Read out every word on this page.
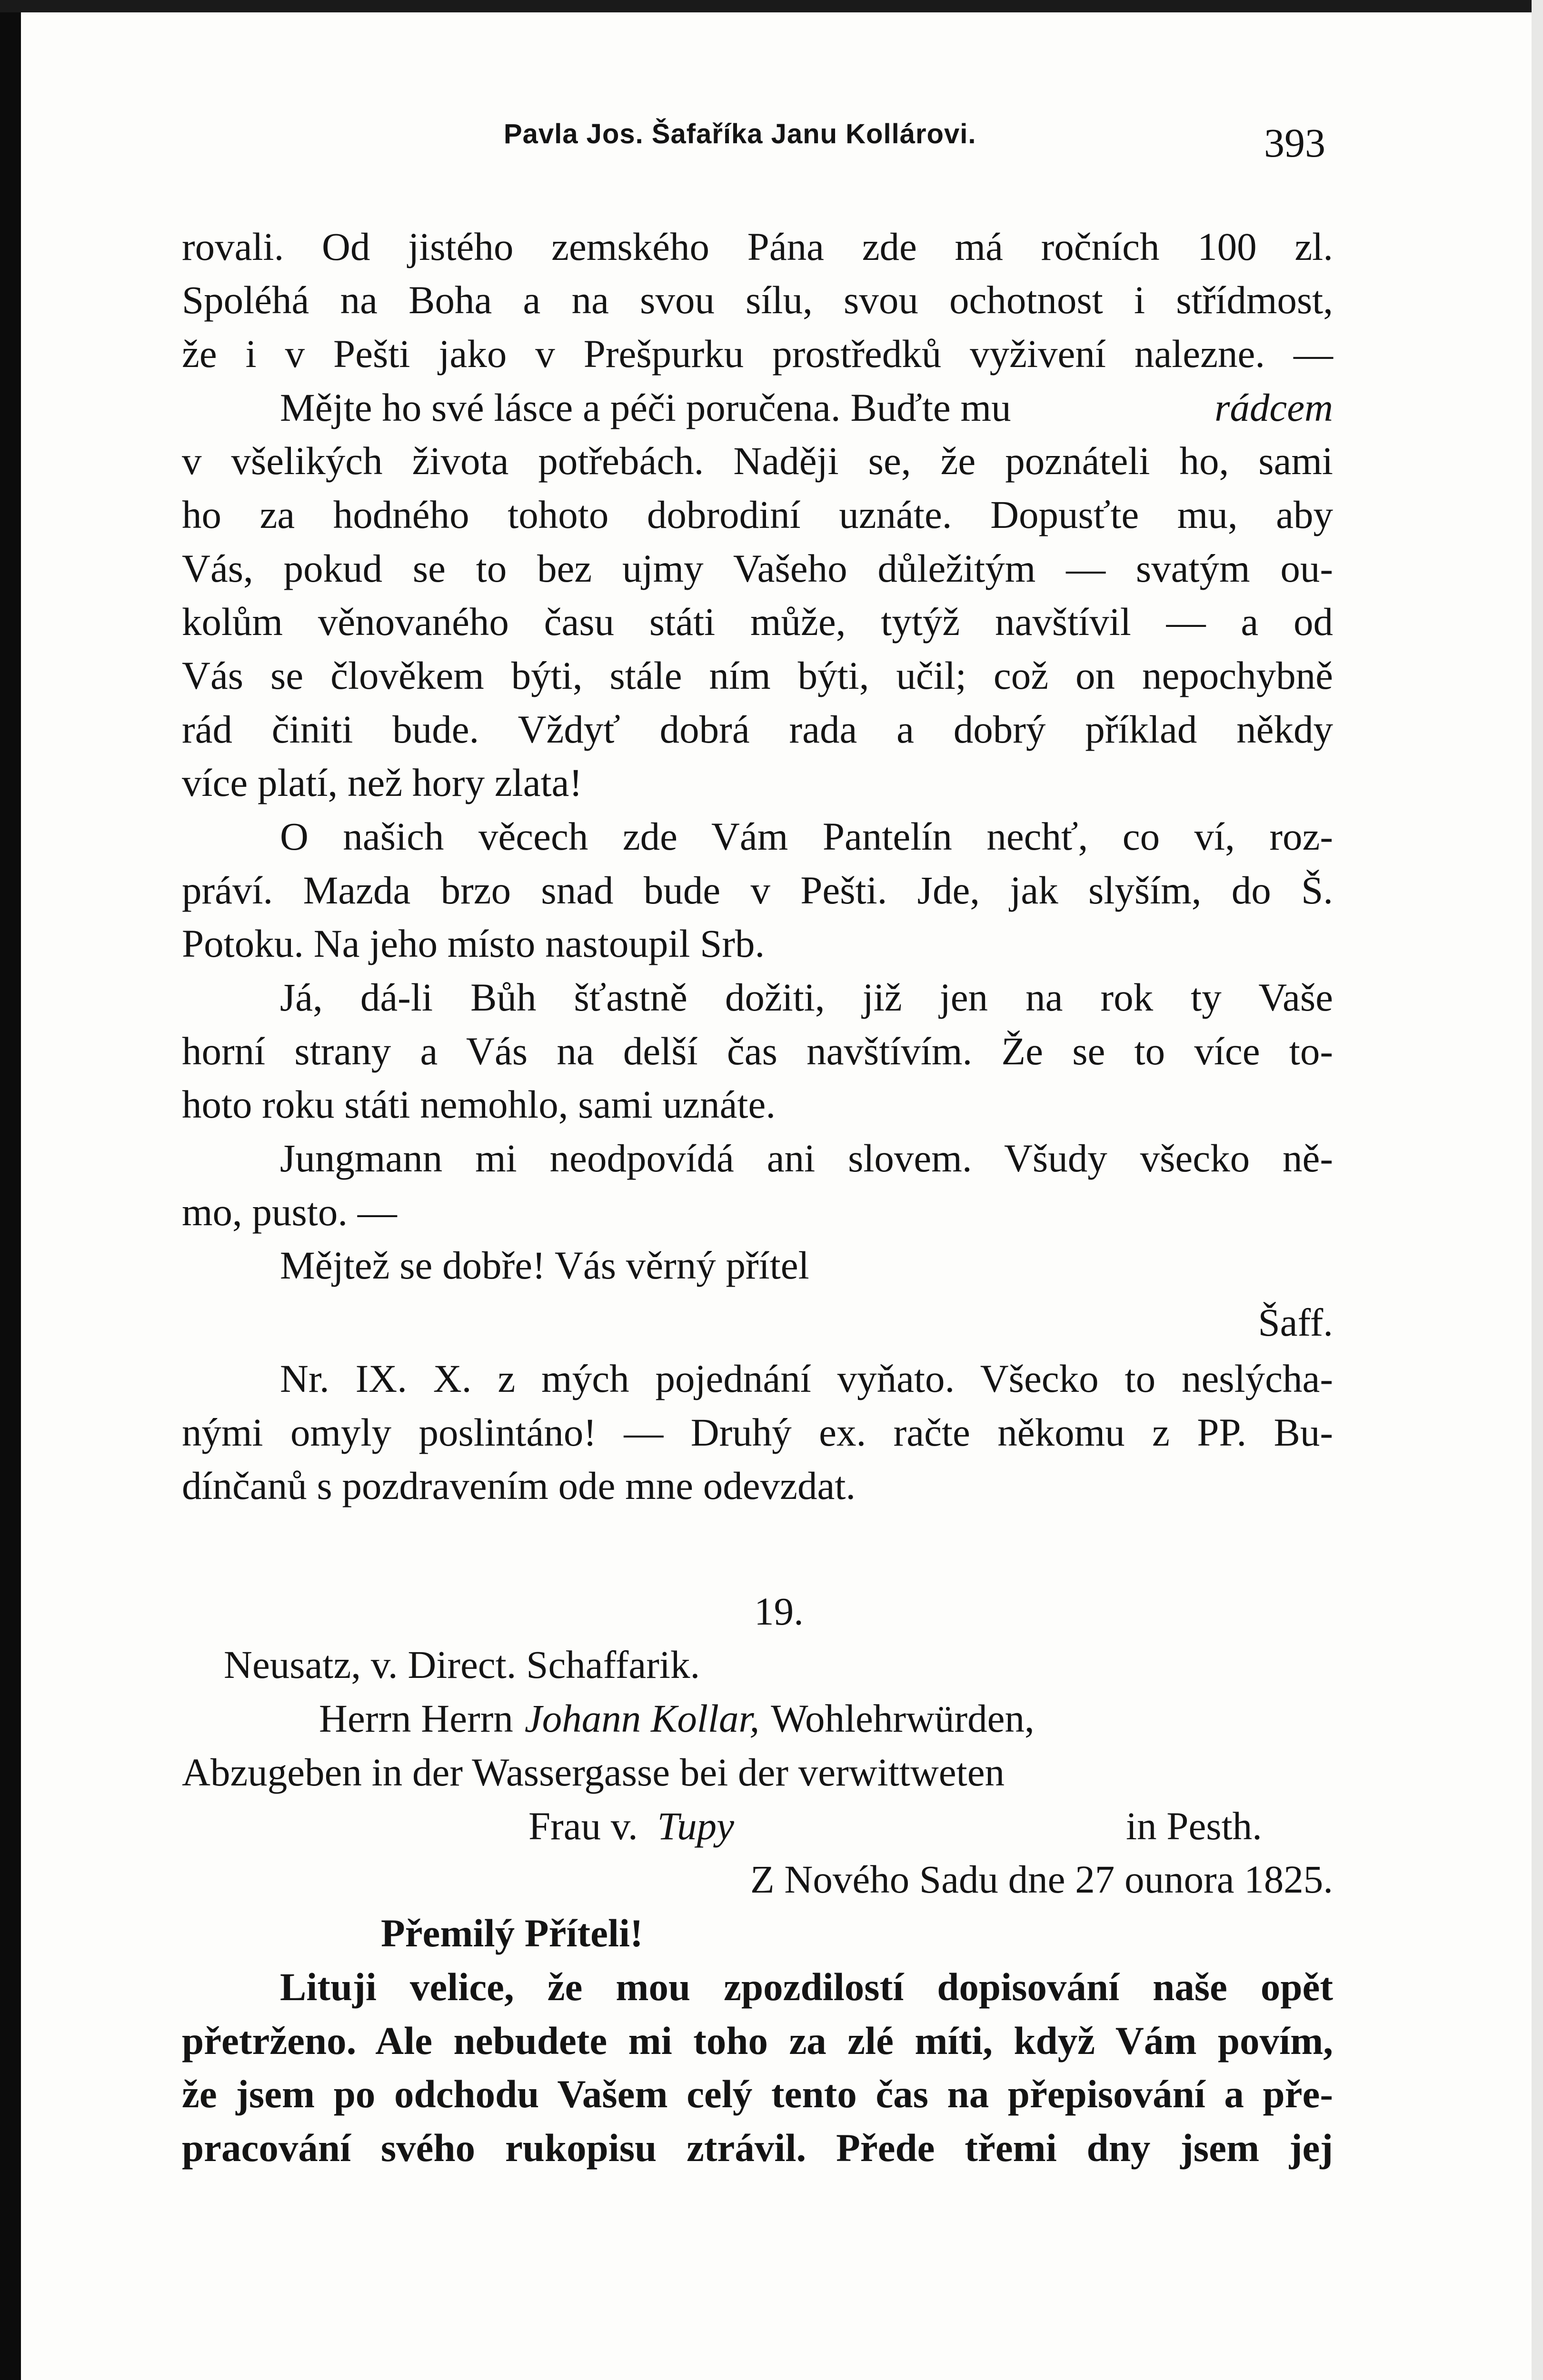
Pavla Jos. Šafaříka Janu Kollárovi.	393
rovali. Od jistého zemského Pána zde má ročních 100 zl.
Spoléhá na Boha a na svou sílu, svou ochotnost i střídmost,
že i v Pešti jako v Prešpurku prostředků vyživení nalezne. —
Mějte ho své lásce a péči poručena. Buďte mu	rádcem
v všelikých života potřebách. Naději se, že poznáteli ho, sami
ho za hodného tohoto dobrodiní uznáte. Dopusťte mu, aby
Vás, pokud se to bez ujmy Vašeho důležitým — svatým ou-
kolům věnovaného času státi může, tytýž navštívil — a od
Vás se člověkem býti, stále ním býti, učil; což on nepochybně
rád činiti bude. Vždyť dobrá rada a dobrý příklad někdy
více platí, než hory zlata!
O našich věcech zde Vám Pantelín nechť, co ví, roz-
práví. Mazda brzo snad bude v Pešti. Jde, jak slyším, do Š.
Potoku. Na jeho místo nastoupil Srb.
Já, dá-li Bůh šťastně dožiti, již jen na rok ty Vaše
horní strany a Vás na delší čas navštívím. Že se to více to-
hoto roku státi nemohlo, sami uznáte.
Jungmann mi neodpovídá ani slovem. Všudy všecko ně-
mo, pusto. —
Mějtež se dobře! Vás věrný přítel
Šaff.
Nr. IX. X. z mých pojednání vyňato. Všecko to neslýcha-
nými omyly poslintáno! — Druhý ex. račte někomu z PP. Bu-
dínčanů s pozdravením ode mne odevzdat.
19.
Neusatz, v. Direct. Schaffarik.
Herrn Herrn Johann Kollar, Wohlehrwürden,
Abzugeben in der Wassergasse bei der verwittweten
Frau v. Tupy	in Pesth.
Z Nového Sadu dne 27 ounora 1825.
Přemilý Příteli!
Lituji velice, že mou zpozdilostí dopisování naše opět
přetrženo. Ale nebudete mi toho za zlé míti, když Vám povím,
že jsem po odchodu Vašem celý tento čas na přepisování a pře-
pracování svého rukopisu ztrávil. Přede třemi dny jsem jej
